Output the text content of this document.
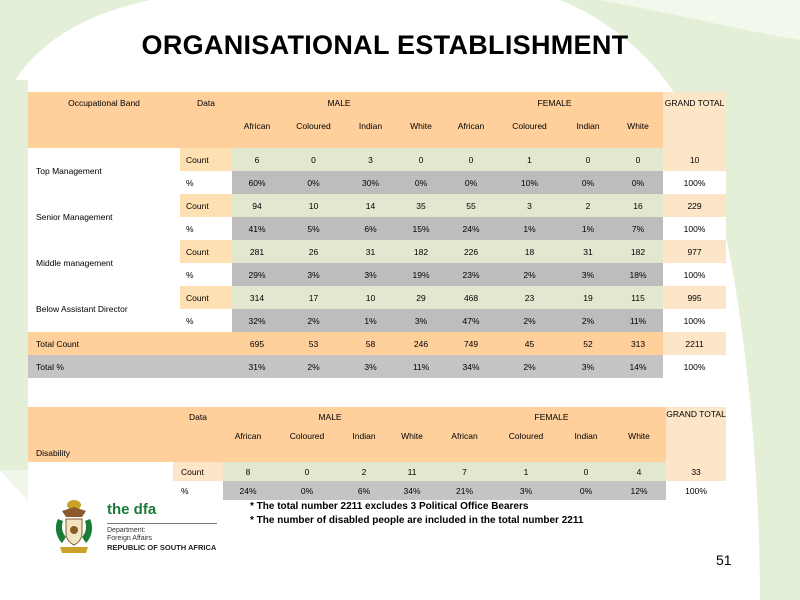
ORGANISATIONAL ESTABLISHMENT
Occupational Band	Data	MALE				FEMALE				GRAND TOTAL
		African	Coloured	Indian	White	African	Coloured	Indian	White	

Top Management	Count	6	0	3	0	0	1	0	0	10
	%	60%	0%	30%	0%	0%	10%	0%	0%	100%
Senior Management	Count	94	10	14	35	55	3	2	16	229
	%	41%	5%	6%	15%	24%	1%	1%	7%	100%
Middle management	Count	281	26	31	182	226	18	31	182	977
	%	29%	3%	3%	19%	23%	2%	3%	18%	100%
Below Assistant Director	Count	314	17	10	29	468	23	19	115	995
	%	32%	2%	1%	3%	47%	2%	2%	11%	100%
Total Count		695	53	58	246	749	45	52	313	2211
Total %		31%	2%	3%	11%	34%	2%	3%	14%	100%
Disability	Data	MALE				FEMALE				GRAND TOTAL
		African	Coloured	Indian	White	African	Coloured	Indian	White	

	Count	8	0	2	11	7	1	0	4	33
	%	24%	0%	6%	34%	21%	3%	0%	12%	100%
* The total number 2211 excludes 3 Political Office Bearers
* The number of disabled people are included in the total number 2211
the dfa
Department:
Foreign Affairs
REPUBLIC OF SOUTH AFRICA
51
